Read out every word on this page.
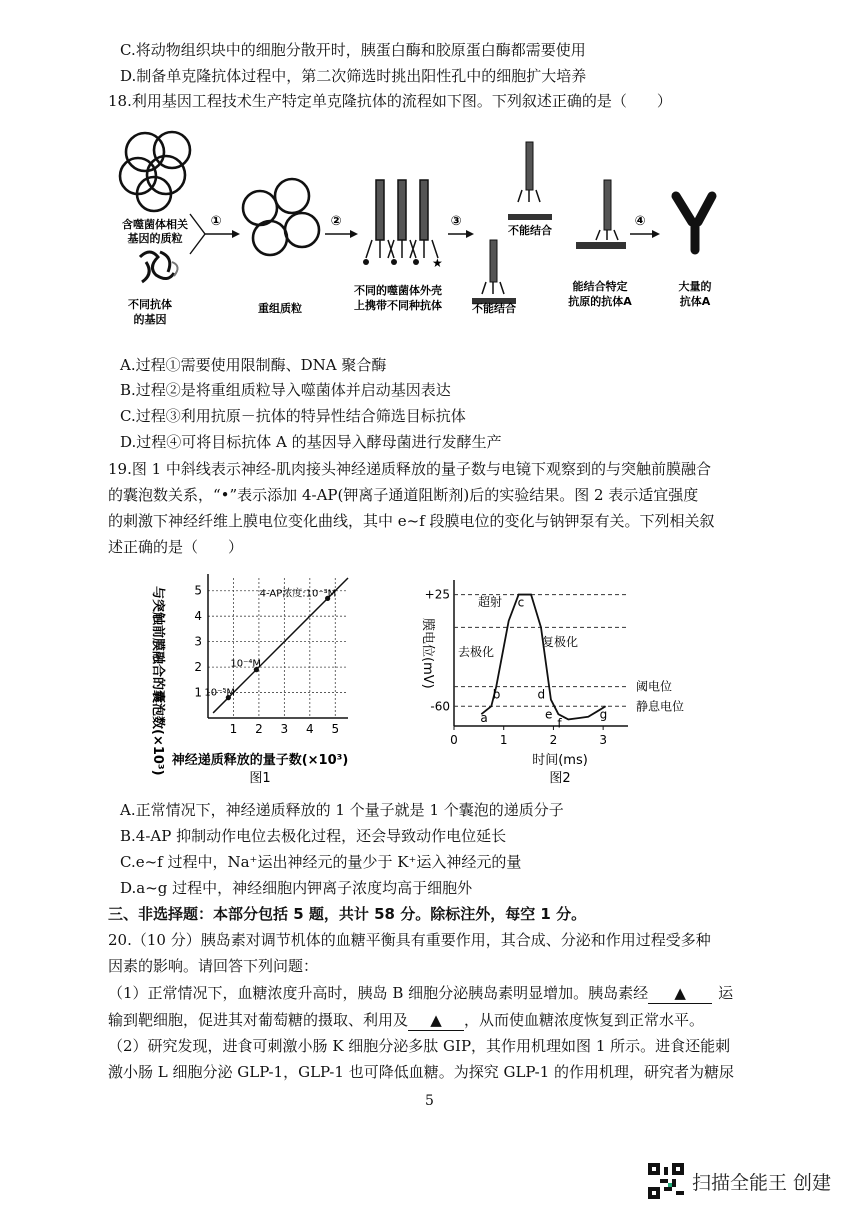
C.将动物组织块中的细胞分散开时，胰蛋白酶和胶原蛋白酶都需要使用
D.制备单克隆抗体过程中，第二次筛选时挑出阳性孔中的细胞扩大培养
18.利用基因工程技术生产特定单克隆抗体的流程如下图。下列叙述正确的是（　　）
含噬菌体相关
基因的质粒
不同抗体
的基因
①
重组质粒
②
★
不同的噬菌体外壳
上携带不同种抗体
③
不能结合
不能结合
能结合特定
抗原的抗体A
④
大量的
抗体A
A.过程①需要使用限制酶、DNA 聚合酶
B.过程②是将重组质粒导入噬菌体并启动基因表达
C.过程③利用抗原－抗体的特异性结合筛选目标抗体
D.过程④可将目标抗体 A 的基因导入酵母菌进行发酵生产
19.图 1 中斜线表示神经-肌肉接头神经递质释放的量子数与电镜下观察到的与突触前膜融合
的囊泡数关系，“•”表示添加 4-AP(钾离子通道阻断剂)后的实验结果。图 2 表示适宜强度
的刺激下神经纤维上膜电位变化曲线，其中 e~f 段膜电位的变化与钠钾泵有关。下列相关叙
述正确的是（　　）
1 2 3 4 5
1
2
3
4
5
10⁻⁵M
10⁻⁴M
4-AP浓度:10⁻³M
神经递质释放的量子数(×10³)
图1
与突触前膜融合的囊泡数(×10³)	0	1	2	3
+25
-60
a
b
c
d
e
f
g
超射
去极化
复极化
阈电位
静息电位
时间(ms)
图2
膜电位(mV)
A.正常情况下，神经递质释放的 1 个量子就是 1 个囊泡的递质分子
B.4-AP 抑制动作电位去极化过程，还会导致动作电位延长
C.e~f 过程中，Na⁺运出神经元的量少于 K⁺运入神经元的量
D.a~g 过程中，神经细胞内钾离子浓度均高于细胞外
三、非选择题：本部分包括 5 题，共计 58 分。除标注外，每空 1 分。
20.（10 分）胰岛素对调节机体的血糖平衡具有重要作用，其合成、分泌和作用过程受多种
因素的影响。请回答下列问题：
（1）正常情况下，血糖浓度升高时，胰岛 B 细胞分泌胰岛素明显增加。胰岛素经 ▲ 运
输到靶细胞，促进其对葡萄糖的摄取、利用及 ▲ ，从而使血糖浓度恢复到正常水平。
（2）研究发现，进食可刺激小肠 K 细胞分泌多肽 GIP，其作用机理如图 1 所示。进食还能刺
激小肠 L 细胞分泌 GLP-1，GLP-1 也可降低血糖。为探究 GLP-1 的作用机理，研究者为糖尿
5
扫描全能王 创建
